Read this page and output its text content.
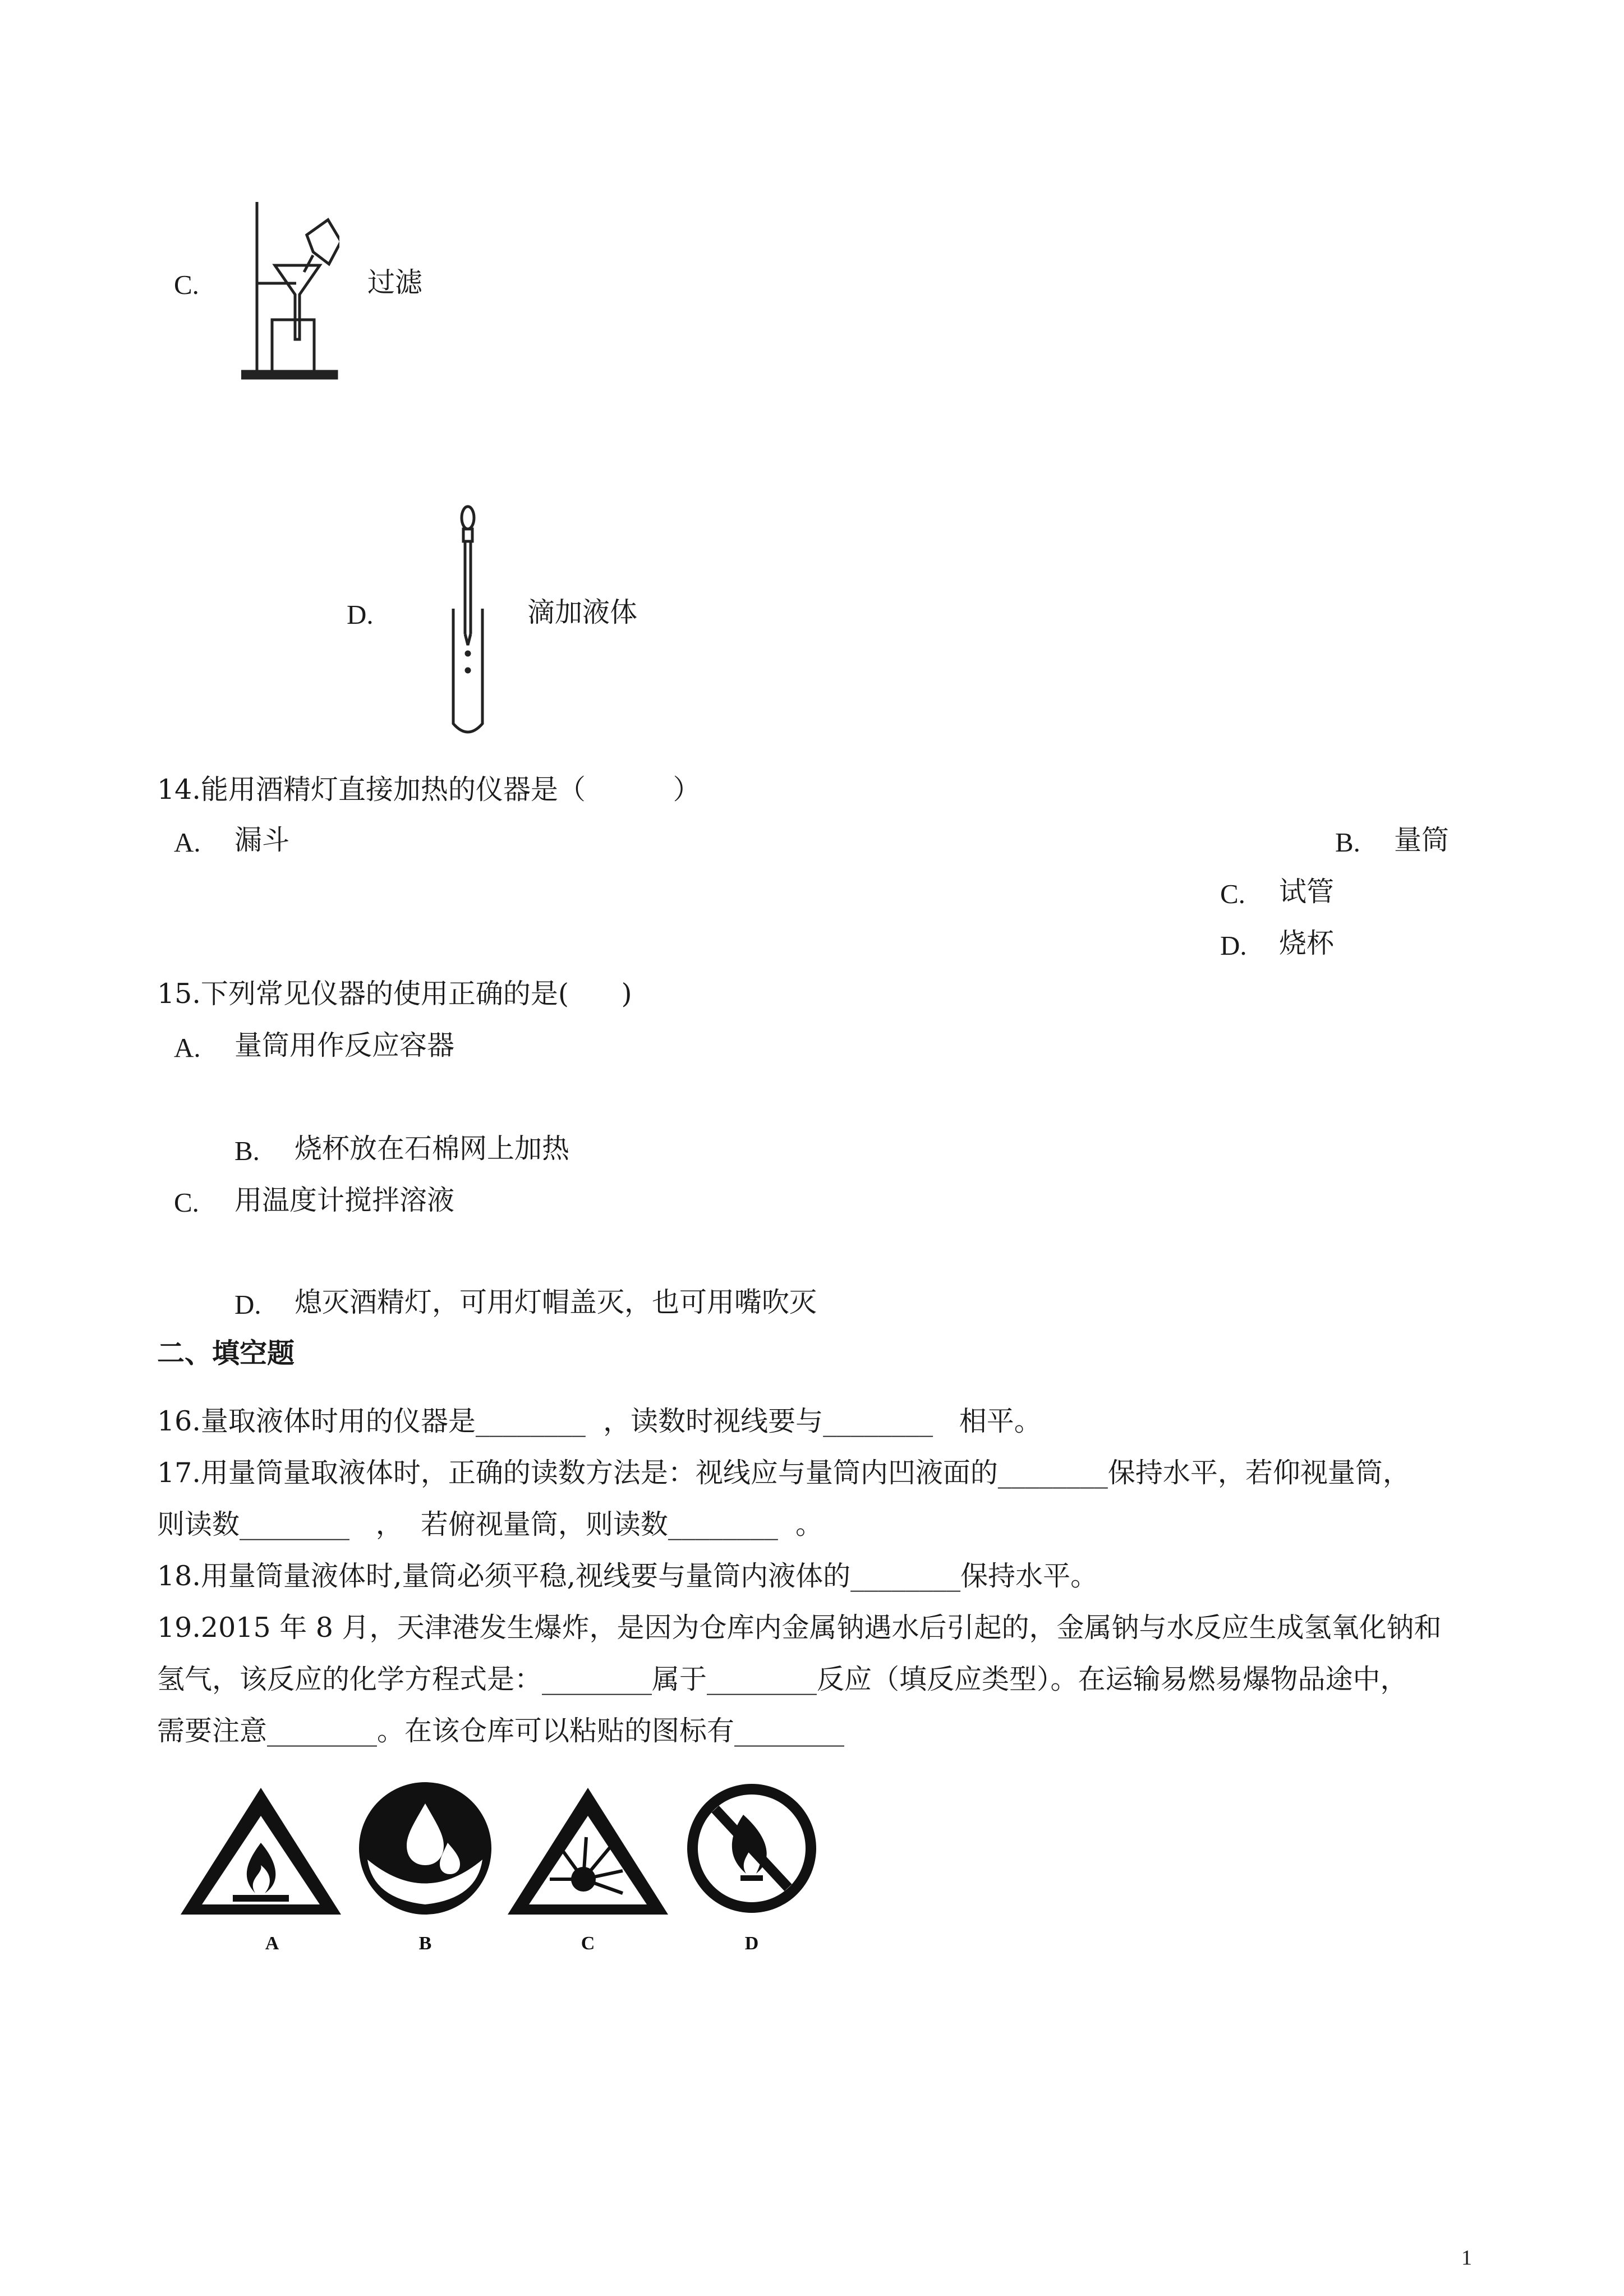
C.	过滤
D.	滴加液体
14.能用酒精灯直接加热的仪器是（          ）
A. 漏斗	B. 量筒
C. 试管
D. 烧杯
15.下列常见仪器的使用正确的是(      )
A. 量筒用作反应容器
B. 烧杯放在石棉网上加热
C. 用温度计搅拌溶液
D. 熄灭酒精灯，可用灯帽盖灭，也可用嘴吹灭
二、填空题
16.量取液体时用的仪器是________  ，读数时视线要与________   相平。
17.用量筒量取液体时，正确的读数方法是：视线应与量筒内凹液面的________保持水平，若仰视量筒，
则读数________   ，  若俯视量筒，则读数________  。
18.用量筒量液体时,量筒必须平稳,视线要与量筒内液体的________保持水平。
19.2015 年 8 月，天津港发生爆炸，是因为仓库内金属钠遇水后引起的，金属钠与水反应生成氢氧化钠和
氢气，该反应的化学方程式是：________属于________反应（填反应类型）。在运输易燃易爆物品途中，
需要注意________。在该仓库可以粘贴的图标有________
A	B	C	D
1
